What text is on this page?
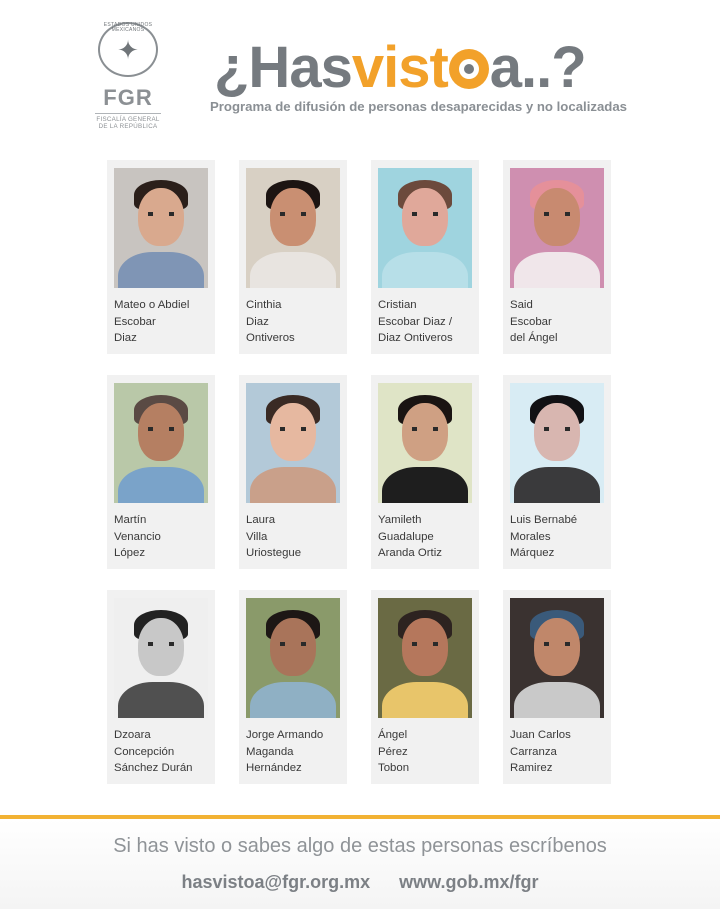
ESTADOS UNIDOS MEXICANOS
✦
FGR
FISCALÍA GENERAL
DE LA REPÚBLICA
¿Hasvist a..?
Programa de difusión de personas desaparecidas y no localizadas
Mateo o Abdiel
Escobar
Diaz
Cinthia
Diaz
Ontiveros
Cristian
Escobar Diaz /
Diaz Ontiveros
Said
Escobar
del Ángel
Martín
Venancio
López
Laura
Villa
Uriostegue
Yamileth
Guadalupe
Aranda Ortiz
Luis Bernabé
Morales
Márquez
Dzoara
Concepción
Sánchez Durán
Jorge Armando
Maganda
Hernández
Ángel
Pérez
Tobon
Juan Carlos
Carranza
Ramirez
Si has visto o sabes algo de estas personas escríbenos
hasvistoa@fgr.org.mx www.gob.mx/fgr
